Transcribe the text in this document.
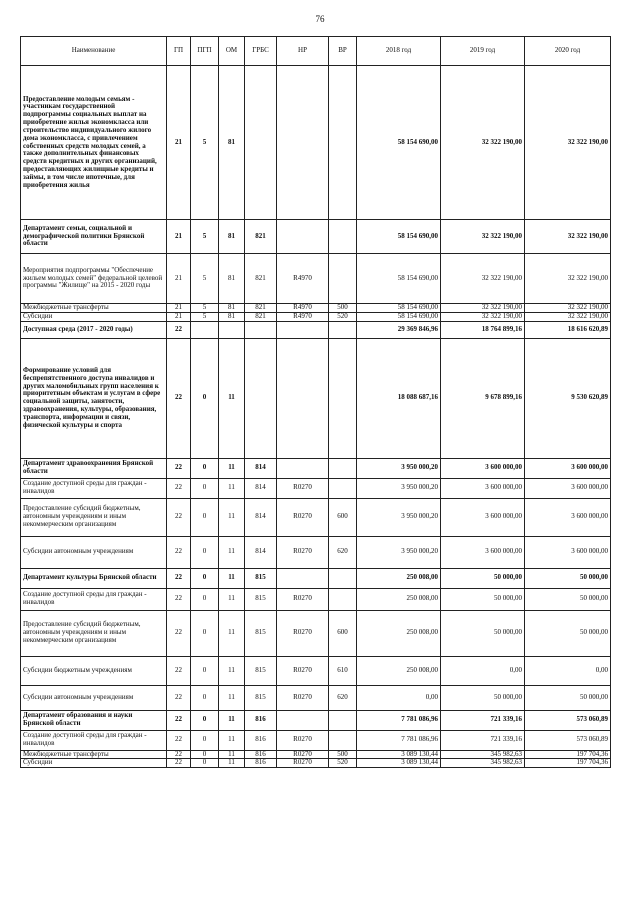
76
Наименование	ГП	ПГП	ОМ	ГРБС	НР	ВР	2018 год	2019 год	2020 год
Предоставление молодым семьям - участникам государственной подпрограммы социальных выплат на приобретение жилья экономкласса или строительство индивидуального жилого дома экономкласса, с привлечением собственных средств молодых семей, а также дополнительных финансовых средств кредитных и других организаций, предоставляющих жилищные кредиты и займы, в том числе ипотечные, для приобретения жилья	21	5	81				58 154 690,00	32 322 190,00	32 322 190,00
Департамент семьи, социальной и демографической политики Брянской области	21	5	81	821			58 154 690,00	32 322 190,00	32 322 190,00
Мероприятия подпрограммы "Обеспечение жильем молодых семей" федеральной целевой программы "Жилище" на 2015 - 2020 годы	21	5	81	821	R4970		58 154 690,00	32 322 190,00	32 322 190,00
Межбюджетные трансферты	21	5	81	821	R4970	500	58 154 690,00	32 322 190,00	32 322 190,00
Субсидии	21	5	81	821	R4970	520	58 154 690,00	32 322 190,00	32 322 190,00
Доступная среда (2017 - 2020 годы)	22						29 369 846,96	18 764 899,16	18 616 620,89
Формирование условий для беспрепятственного доступа инвалидов и других маломобильных групп населения к приоритетным объектам и услугам в сфере социальной защиты, занятости, здравоохранения, культуры, образования, транспорта, информации и связи, физической культуры и спорта	22	0	11				18 088 687,16	9 678 899,16	9 530 620,89
Департамент здравоохранения Брянской области	22	0	11	814			3 950 000,20	3 600 000,00	3 600 000,00
Создание доступной среды для граждан - инвалидов	22	0	11	814	R0270		3 950 000,20	3 600 000,00	3 600 000,00
Предоставление субсидий бюджетным, автономным учреждениям и иным некоммерческим организациям	22	0	11	814	R0270	600	3 950 000,20	3 600 000,00	3 600 000,00
Субсидии автономным учреждениям	22	0	11	814	R0270	620	3 950 000,20	3 600 000,00	3 600 000,00
Департамент культуры Брянской области	22	0	11	815			250 008,00	50 000,00	50 000,00
Создание доступной среды для граждан - инвалидов	22	0	11	815	R0270		250 008,00	50 000,00	50 000,00
Предоставление субсидий бюджетным, автономным учреждениям и иным некоммерческим организациям	22	0	11	815	R0270	600	250 008,00	50 000,00	50 000,00
Субсидии бюджетным учреждениям	22	0	11	815	R0270	610	250 008,00	0,00	0,00
Субсидии автономным учреждениям	22	0	11	815	R0270	620	0,00	50 000,00	50 000,00
Департамент образования и науки Брянской области	22	0	11	816			7 781 086,96	721 339,16	573 060,89
Создание доступной среды для граждан - инвалидов	22	0	11	816	R0270		7 781 086,96	721 339,16	573 060,89
Межбюджетные трансферты	22	0	11	816	R0270	500	3 089 130,44	345 982,63	197 704,36
Субсидии	22	0	11	816	R0270	520	3 089 130,44	345 982,63	197 704,36
